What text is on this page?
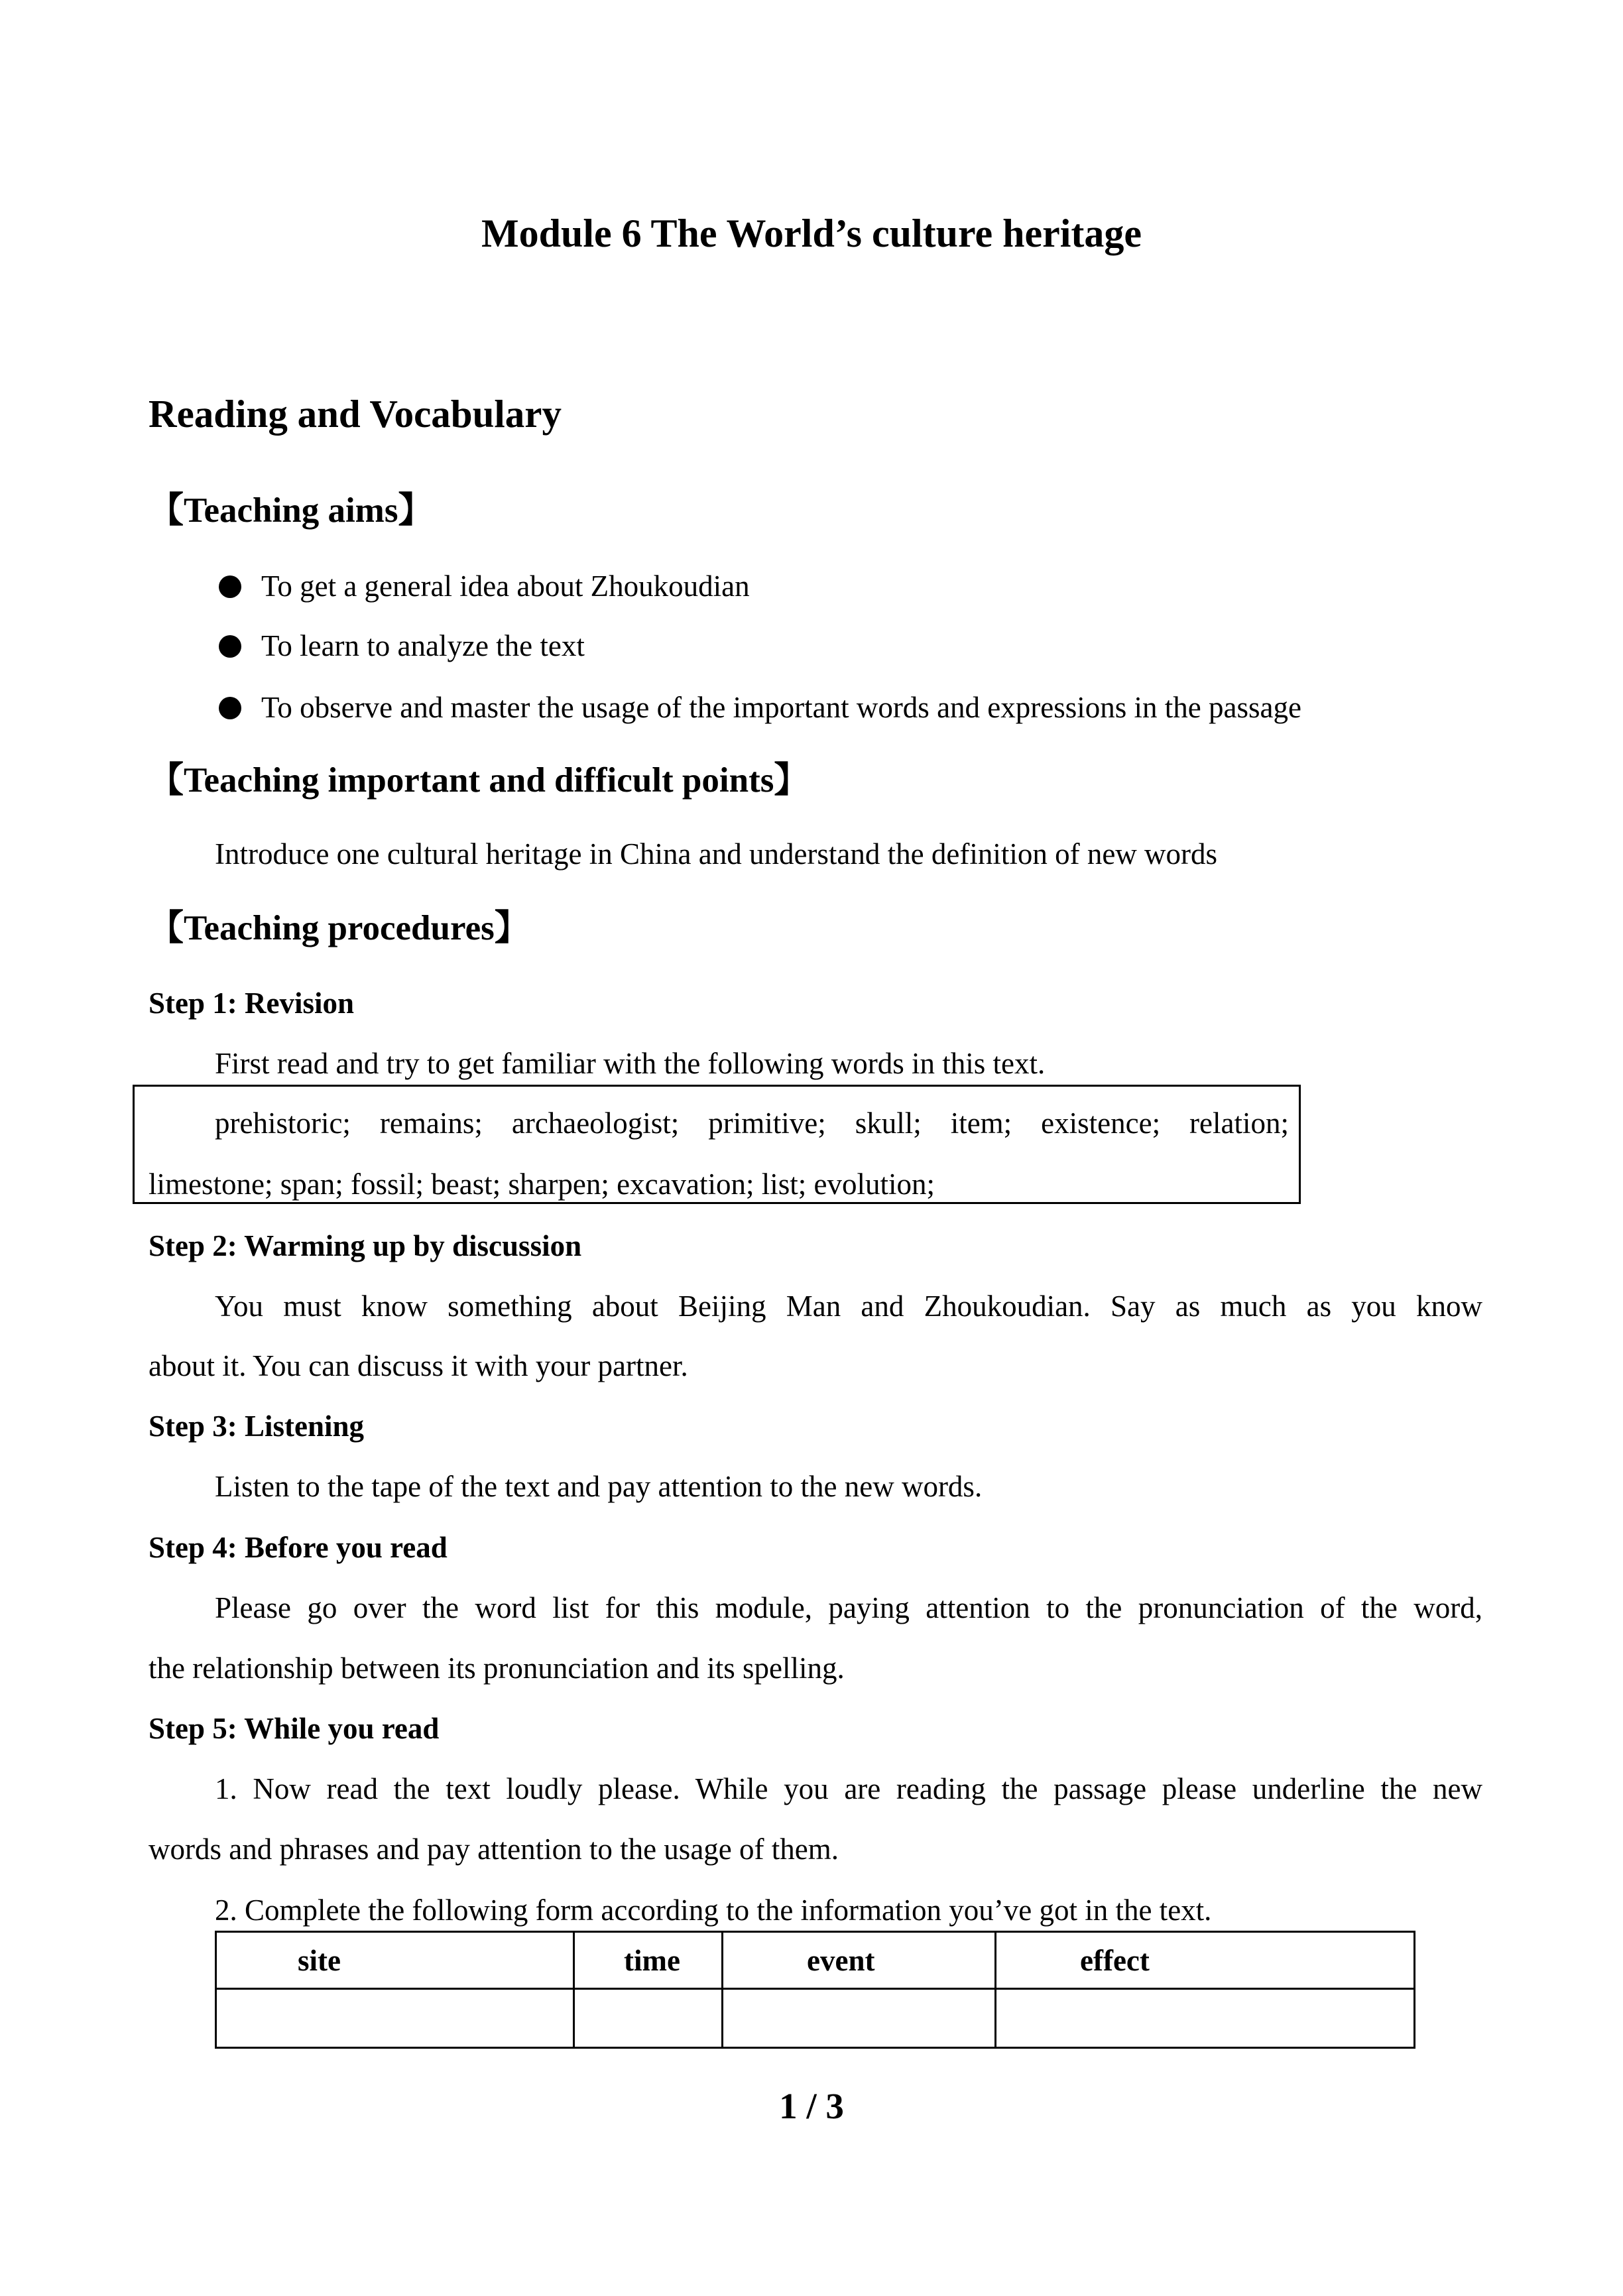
Module 6 The World’s culture heritage
Reading and Vocabulary
【Teaching aims】
To get a general idea about Zhoukoudian
To learn to analyze the text
To observe and master the usage of the important words and expressions in the passage
【Teaching important and difficult points】
Introduce one cultural heritage in China and understand the definition of new words
【Teaching procedures】
Step 1: Revision
First read and try to get familiar with the following words in this text.
prehistoric; remains; archaeologist; primitive; skull; item; existence; relation;
limestone; span; fossil; beast; sharpen; excavation; list; evolution;
Step 2: Warming up by discussion
You must know something about Beijing Man and Zhoukoudian. Say as much as you know
about it. You can discuss it with your partner.
Step 3: Listening
Listen to the tape of the text and pay attention to the new words.
Step 4: Before you read
Please go over the word list for this module, paying attention to the pronunciation of the word,
the relationship between its pronunciation and its spelling.
Step 5: While you read
1. Now read the text loudly please. While you are reading the passage please underline the new
words and phrases and pay attention to the usage of them.
2. Complete the following form according to the information you’ve got in the text.
site	time	event	effect

1 / 3
